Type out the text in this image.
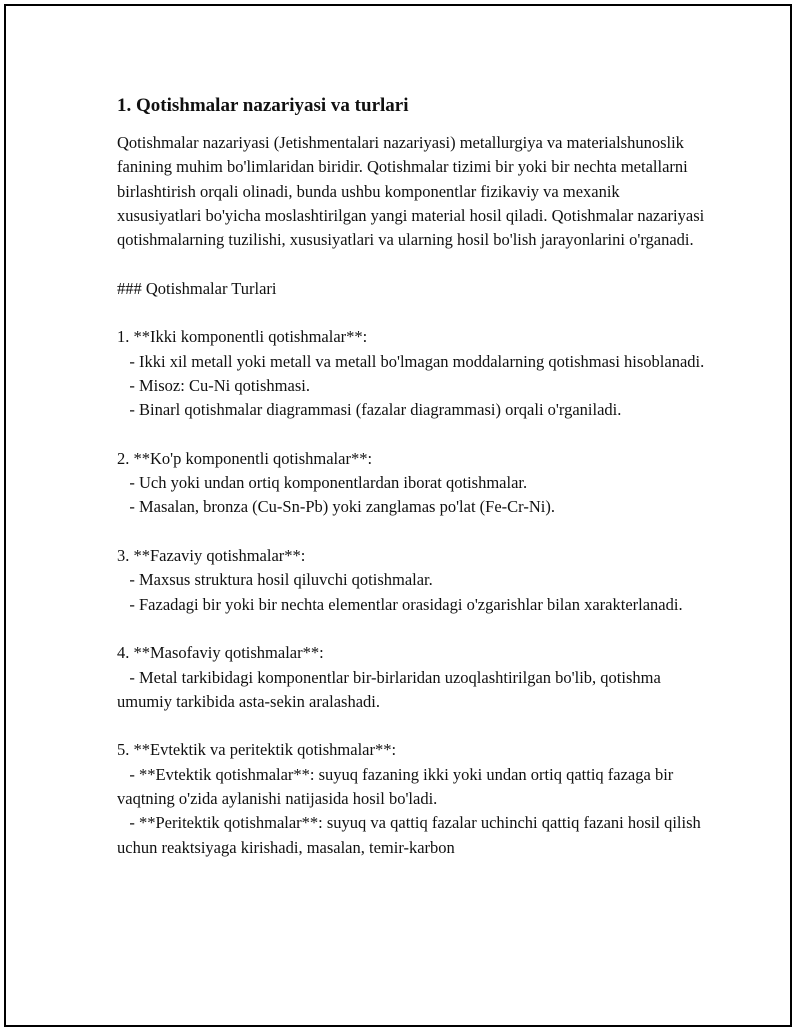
1. Qotishmalar nazariyasi va turlari
Qotishmalar nazariyasi (Jetishmentalari nazariyasi) metallurgiya va materialshunoslik fanining muhim bo'limlaridan biridir. Qotishmalar tizimi bir yoki bir nechta metallarni birlashtirish orqali olinadi, bunda ushbu komponentlar fizikaviy va mexanik xususiyatlari bo'yicha moslashtirilgan yangi material hosil qiladi. Qotishmalar nazariyasi qotishmalarning tuzilishi, xususiyatlari va ularning hosil bo'lish jarayonlarini o'rganadi.

### Qotishmalar Turlari

1. **Ikki komponentli qotishmalar**:
- Ikki xil metall yoki metall va metall bo'lmagan moddalarning qotishmasi hisoblanadi.
- Misoz: Cu-Ni qotishmasi.
- Binarl qotishmalar diagrammasi (fazalar diagrammasi) orqali o'rganiladi.

2. **Ko'p komponentli qotishmalar**:
- Uch yoki undan ortiq komponentlardan iborat qotishmalar.
- Masalan, bronza (Cu-Sn-Pb) yoki zanglamas po'lat (Fe-Cr-Ni).

3. **Fazaviy qotishmalar**:
- Maxsus struktura hosil qiluvchi qotishmalar.
- Fazadagi bir yoki bir nechta elementlar orasidagi o'zgarishlar bilan xarakterlanadi.

4. **Masofaviy qotishmalar**:
- Metal tarkibidagi komponentlar bir-birlaridan uzoqlashtirilgan bo'lib, qotishma umumiy tarkibida asta-sekin aralashadi.

5. **Evtektik va peritektik qotishmalar**:
- **Evtektik qotishmalar**: suyuq fazaning ikki yoki undan ortiq qattiq fazaga bir vaqtning o'zida aylanishi natijasida hosil bo'ladi.
- **Peritektik qotishmalar**: suyuq va qattiq fazalar uchinchi qattiq fazani hosil qilish uchun reaktsiyaga kirishadi, masalan, temir-karbon
